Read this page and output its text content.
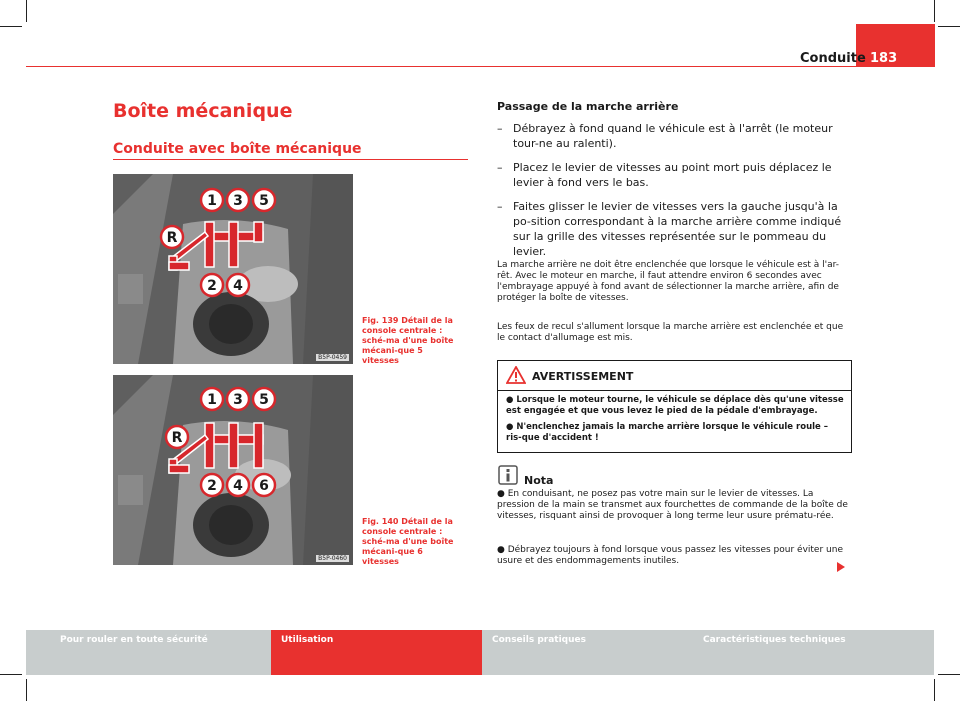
Conduite 183
Boîte mécanique
Conduite avec boîte mécanique
1 3 5
2 4
R
B5P-0459
Fig. 139 Détail de la console centrale : sché-ma d'une boîte mécani-que 5 vitesses
1 3 5
2 4 6
R
B5P-0460
Fig. 140 Détail de la console centrale : sché-ma d'une boîte mécani-que 6 vitesses
Passage de la marche arrière
– Débrayez à fond quand le véhicule est à l'arrêt (le moteur tour-ne au ralenti).
– Placez le levier de vitesses au point mort puis déplacez le levier à fond vers le bas.
– Faites glisser le levier de vitesses vers la gauche jusqu'à la po-sition correspondant à la marche arrière comme indiqué sur la grille des vitesses représentée sur le pommeau du levier.
La marche arrière ne doit être enclenchée que lorsque le véhicule est à l'ar-rêt. Avec le moteur en marche, il faut attendre environ 6 secondes avec l'embrayage appuyé à fond avant de sélectionner la marche arrière, afin de protéger la boîte de vitesses.
Les feux de recul s'allument lorsque la marche arrière est enclenchée et que le contact d'allumage est mis.
AVERTISSEMENT
● Lorsque le moteur tourne, le véhicule se déplace dès qu'une vitesse est engagée et que vous levez le pied de la pédale d'embrayage.
● N'enclenchez jamais la marche arrière lorsque le véhicule roule – ris-que d'accident !
Nota
● En conduisant, ne posez pas votre main sur le levier de vitesses. La pression de la main se transmet aux fourchettes de commande de la boîte de vitesses, risquant ainsi de provoquer à long terme leur usure prématu-rée.
● Débrayez toujours à fond lorsque vous passez les vitesses pour éviter une usure et des endommagements inutiles.
Pour rouler en toute sécurité	Utilisation	Conseils pratiques	Caractéristiques techniques
